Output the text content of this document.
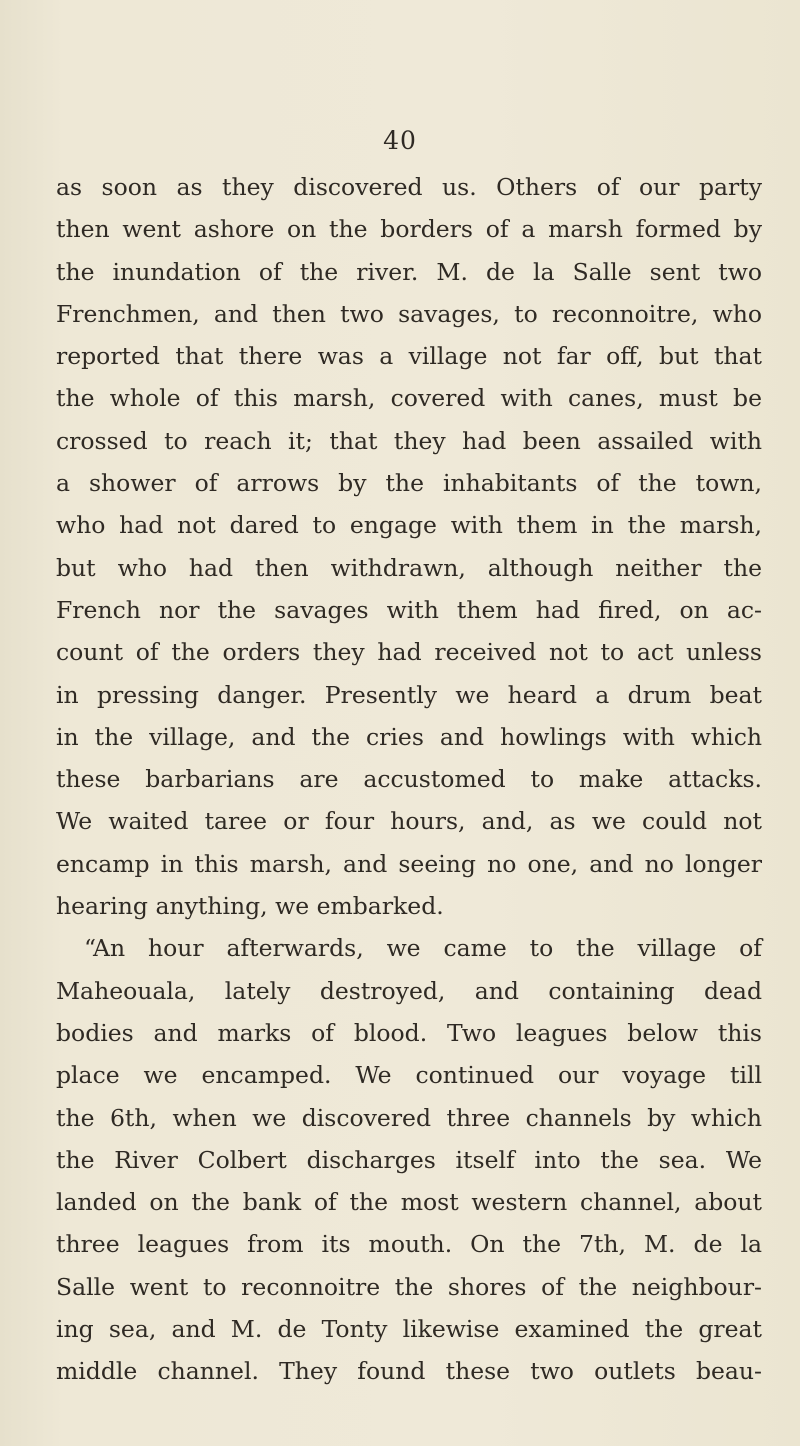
40
as soon as they discovered us. Others of our party
then went ashore on the borders of a marsh formed by
the inundation of the river. M. de la Salle sent two
Frenchmen, and then two savages, to reconnoitre, who
reported that there was a village not far off, but that
the whole of this marsh, covered with canes, must be
crossed to reach it; that they had been assailed with
a shower of arrows by the inhabitants of the town,
who had not dared to engage with them in the marsh,
but who had then withdrawn, although neither the
French nor the savages with them had fired, on ac-
count of the orders they had received not to act unless
in pressing danger. Presently we heard a drum beat
in the village, and the cries and howlings with which
these barbarians are accustomed to make attacks.
We waited taree or four hours, and, as we could not
encamp in this marsh, and seeing no one, and no longer
hearing anything, we embarked.
“An hour afterwards, we came to the village of
Maheouala, lately destroyed, and containing dead
bodies and marks of blood. Two leagues below this
place we encamped. We continued our voyage till
the 6th, when we discovered three channels by which
the River Colbert discharges itself into the sea. We
landed on the bank of the most western channel, about
three leagues from its mouth. On the 7th, M. de la
Salle went to reconnoitre the shores of the neighbour-
ing sea, and M. de Tonty likewise examined the great
middle channel. They found these two outlets beau-
